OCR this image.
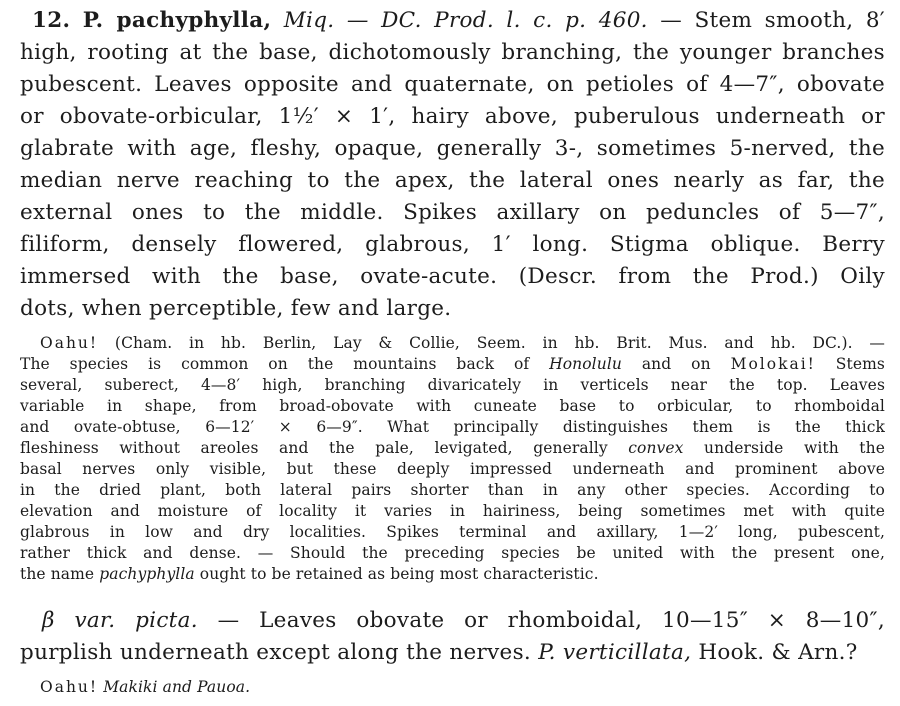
12. P. pachyphylla, Miq. — DC. Prod. l. c. p. 460. — Stem smooth, 8′
high, rooting at the base, dichotomously branching, the younger branches
pubescent. Leaves opposite and quaternate, on petioles of 4—7″, obovate
or obovate-orbicular, 1½′ × 1′, hairy above, puberulous underneath or
glabrate with age, fleshy, opaque, generally 3-, sometimes 5-nerved, the
median nerve reaching to the apex, the lateral ones nearly as far, the
external ones to the middle. Spikes axillary on peduncles of 5—7″,
filiform, densely flowered, glabrous, 1′ long. Stigma oblique. Berry
immersed with the base, ovate-acute. (Descr. from the Prod.) Oily
dots, when perceptible, few and large.
Oahu! (Cham. in hb. Berlin, Lay & Collie, Seem. in hb. Brit. Mus. and hb. DC.). —
The species is common on the mountains back of Honolulu and on Molokai! Stems
several, suberect, 4—8′ high, branching divaricately in verticels near the top. Leaves
variable in shape, from broad-obovate with cuneate base to orbicular, to rhomboidal
and ovate-obtuse, 6—12′ × 6—9″. What principally distinguishes them is the thick
fleshiness without areoles and the pale, levigated, generally convex underside with the
basal nerves only visible, but these deeply impressed underneath and prominent above
in the dried plant, both lateral pairs shorter than in any other species. According to
elevation and moisture of locality it varies in hairiness, being sometimes met with quite
glabrous in low and dry localities. Spikes terminal and axillary, 1—2′ long, pubescent,
rather thick and dense. — Should the preceding species be united with the present one,
the name pachyphylla ought to be retained as being most characteristic.
β var. picta. — Leaves obovate or rhomboidal, 10—15″ × 8—10″,
purplish underneath except along the nerves. P. verticillata, Hook. & Arn.?
Oahu! Makiki and Pauoa.
